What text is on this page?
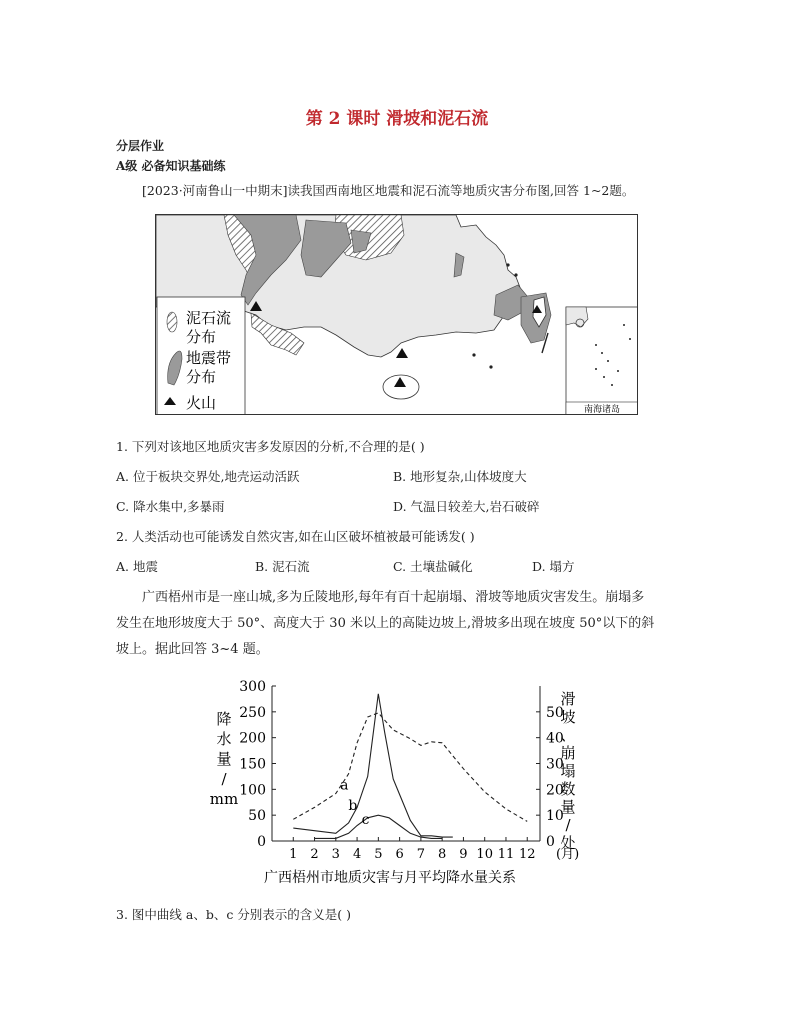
第 2 课时 滑坡和泥石流
分层作业
A级 必备知识基础练
[2023·河南鲁山一中期末]读我国西南地区地震和泥石流等地质灾害分布图,回答 1~2题。
泥石流
分布
地震带
分布
火山	南海诸岛
1. 下列对该地区地质灾害多发原因的分析,不合理的是( )
A. 位于板块交界处,地壳运动活跃	B. 地形复杂,山体坡度大
C. 降水集中,多暴雨	D. 气温日较差大,岩石破碎
2. 人类活动也可能诱发自然灾害,如在山区破坏植被最可能诱发( )
A. 地震	B. 泥石流	C. 土壤盐碱化	D. 塌方
广西梧州市是一座山城,多为丘陵地形,每年有百十起崩塌、滑坡等地质灾害发生。崩塌多
发生在地形坡度大于 50°、高度大于 30 米以上的高陡边坡上,滑坡多出现在坡度 50°以下的斜
坡上。据此回答 3~4 题。
广西梧州市地质灾害与月平均降水量关系
0
50
100
150
200
250
300
0
10
20
30
40
50
1 2 3 4 5 6 7 8 9 10 11 12 (月)
降
水
量
/
mm
滑
坡
、
崩
塌
数
量
/
处
a
b
c
3. 图中曲线 a、b、c 分别表示的含义是( )
